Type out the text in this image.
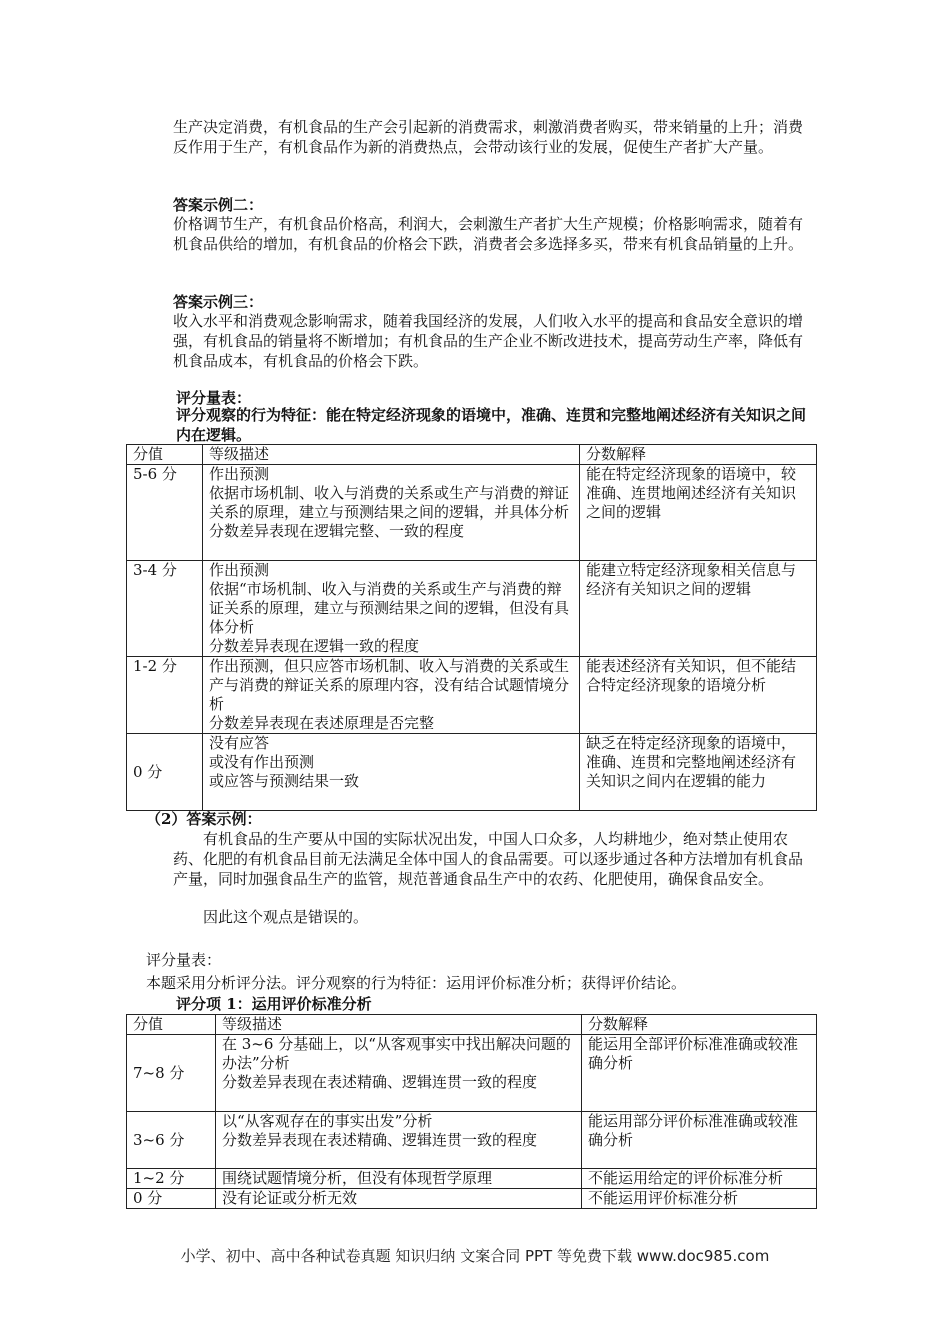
生产决定消费，有机食品的生产会引起新的消费需求，刺激消费者购买，带来销量的上升；消费反作用于生产，有机食品作为新的消费热点，会带动该行业的发展，促使生产者扩大产量。

答案示例二：

价格调节生产，有机食品价格高，利润大，会刺激生产者扩大生产规模；价格影响需求，随着有机食品供给的增加，有机食品的价格会下跌，消费者会多选择多买，带来有机食品销量的上升。

答案示例三：

收入水平和消费观念影响需求，随着我国经济的发展，人们收入水平的提高和食品安全意识的增强，有机食品的销量将不断增加；有机食品的生产企业不断改进技术，提高劳动生产率，降低有机食品成本，有机食品的价格会下跌。

评分量表：

评分观察的行为特征：能在特定经济现象的语境中，准确、连贯和完整地阐述经济有关知识之间内在逻辑。

分值	等级描述	分数解释
5-6 分	作出预测
依据市场机制、收入与消费的关系或生产与消费的辩证关系的原理，建立与预测结果之间的逻辑，并具体分析
分数差异表现在逻辑完整、一致的程度	能在特定经济现象的语境中，较准确、连贯地阐述经济有关知识之间的逻辑
3-4 分	作出预测
依据“市场机制、收入与消费的关系或生产与消费的辩证关系的原理，建立与预测结果之间的逻辑，但没有具体分析
分数差异表现在逻辑一致的程度	能建立特定经济现象相关信息与经济有关知识之间的逻辑
1-2 分	作出预测，但只应答市场机制、收入与消费的关系或生产与消费的辩证关系的原理内容，没有结合试题情境分析
分数差异表现在表述原理是否完整	能表述经济有关知识，但不能结合特定经济现象的语境分析
0 分	没有应答
或没有作出预测
或应答与预测结果一致	缺乏在特定经济现象的语境中，准确、连贯和完整地阐述经济有关知识之间内在逻辑的能力

（2）答案示例：

有机食品的生产要从中国的实际状况出发，中国人口众多，人均耕地少，绝对禁止使用农药、化肥的有机食品目前无法满足全体中国人的食品需要。可以逐步通过各种方法增加有机食品产量，同时加强食品生产的监管，规范普通食品生产中的农药、化肥使用，确保食品安全。

因此这个观点是错误的。

评分量表：

本题采用分析评分法。评分观察的行为特征：运用评价标准分析；获得评价结论。

评分项 1：运用评价标准分析

分值	等级描述	分数解释
7~8 分	在 3~6 分基础上，以“从客观事实中找出解决问题的办法”分析
分数差异表现在表述精确、逻辑连贯一致的程度	能运用全部评价标准准确或较准确分析
3~6 分	以“从客观存在的事实出发”分析
分数差异表现在表述精确、逻辑连贯一致的程度	能运用部分评价标准准确或较准确分析
1~2 分	围绕试题情境分析，但没有体现哲学原理	不能运用给定的评价标准分析
0 分	没有论证或分析无效	不能运用评价标准分析
小学、初中、高中各种试卷真题 知识归纳 文案合同 PPT 等免费下载 www.doc985.com
